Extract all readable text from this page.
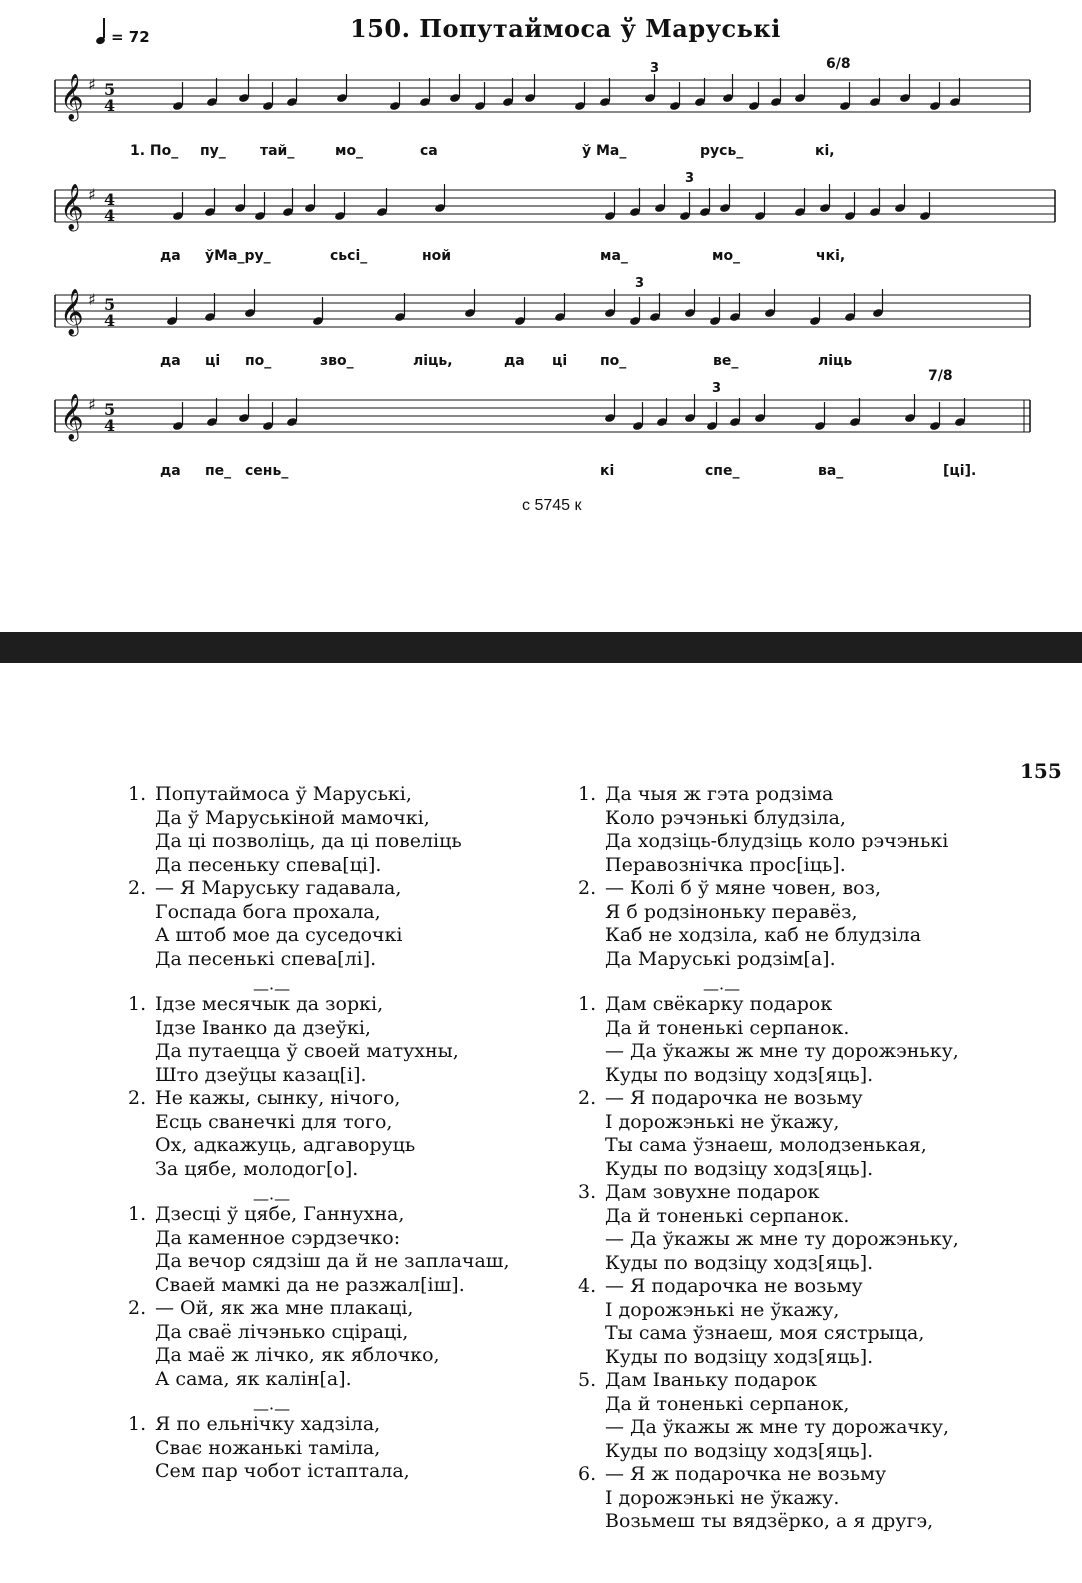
= 72	150. Попутаймоса ў Маруські
𝄞 ♯ 5
4
3
1. По_ пу_ тай_	мо_	са	ў Ма_	русь_	кі,
𝄞 ♯ 4
4
3
да ўМа_ру_	сьсі_	ной	ма_	мо_	чкі,
𝄞 ♯ 5
4
3
да ці по_	зво_	ліць,	да ці по_	ве_	ліць
𝄞 ♯ 5
4
3
да пе_ сень_	кі	спе_	ва_	[ці].
6/8
7/8
с 5745 к
155
1. Попутаймоса ў Маруські,
Да ў Маруськіной мамочкі,
Да ці позволіць, да ці повеліць
Да песеньку спева[ці].
2. — Я Маруську гадавала,
Госпада бога прохала,
А штоб мое да суседочкі
Да песенькі спева[лі].
—·—
1. Ідзе месячык да зоркі,
Ідзе Іванко да дзеўкі,
Да путаецца ў своей матухны,
Што дзеўцы казац[і].
2. Не кажы, сынку, нічого,
Есць сванечкі для того,
Ох, адкажуць, адгаворуць
За цябе, молодог[о].
—·—
1. Дзесці ў цябе, Ганнухна,
Да каменное сэрдзечко:
Да вечор сядзіш да й не заплачаш,
Сваей мамкі да не разжал[іш].
2. — Ой, як жа мне плакаці,
Да сваё лічэнько сціраці,
Да маё ж лічко, як яблочко,
А сама, як калін[а].
—·—
1. Я по ельнічку хадзіла,
Сває ножанькі таміла,
Сем пар чобот істаптала,
1. Да чыя ж гэта родзіма
Коло рэчэнькі блудзіла,
Да ходзіць-блудзіць коло рэчэнькі
Перавознічка прос[іць].
2. — Колі б ў мяне човен, воз,
Я б родзіноньку перавёз,
Каб не ходзіла, каб не блудзіла
Да Маруські родзім[а].
—·—
1. Дам свёкарку подарок
Да й тоненькі серпанок.
— Да ўкажы ж мне ту дорожэньку,
Куды по водзіцу ходз[яць].
2. — Я подарочка не возьму
І дорожэнькі не ўкажу,
Ты сама ўзнаеш, молодзенькая,
Куды по водзіцу ходз[яць].
3. Дам зовухне подарок
Да й тоненькі серпанок.
— Да ўкажы ж мне ту дорожэньку,
Куды по водзіцу ходз[яць].
4. — Я подарочка не возьму
І дорожэнькі не ўкажу,
Ты сама ўзнаеш, моя сястрыца,
Куды по водзіцу ходз[яць].
5. Дам Іваньку подарок
Да й тоненькі серпанок,
— Да ўкажы ж мне ту дорожачку,
Куды по водзіцу ходз[яць].
6. — Я ж подарочка не возьму
І дорожэнькі не ўкажу.
Возьмеш ты вядзёрко, а я другэ,
